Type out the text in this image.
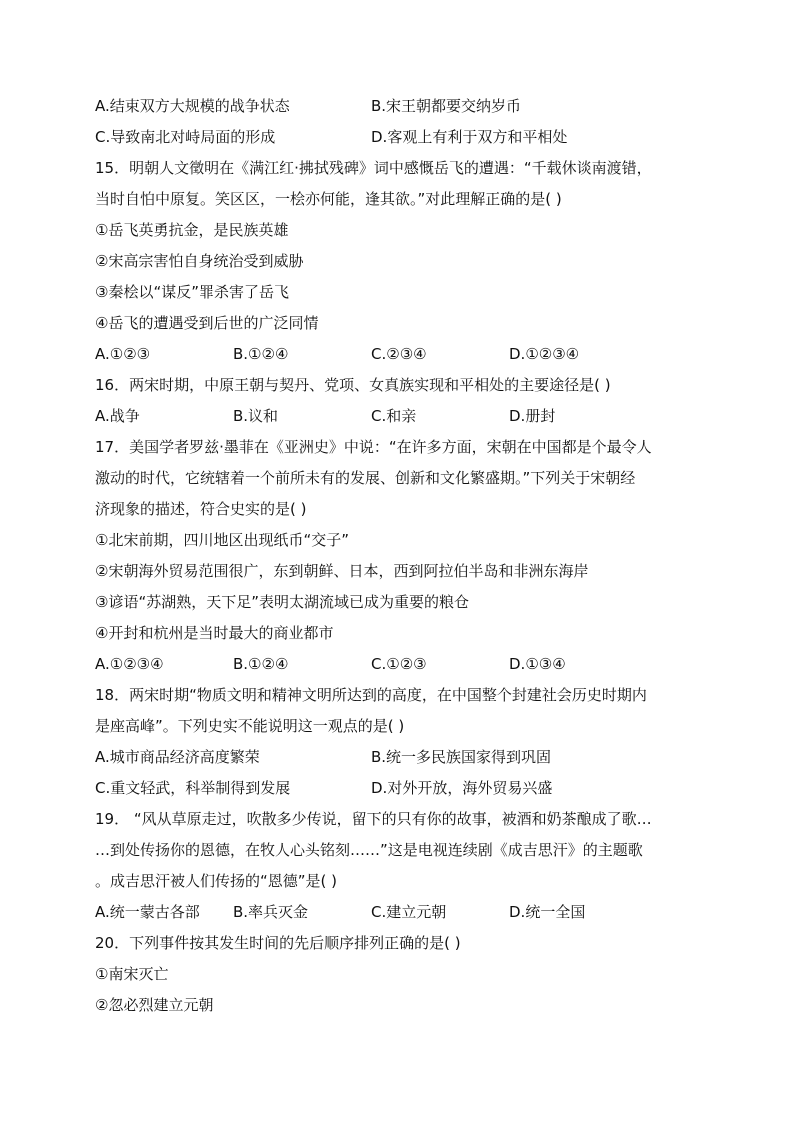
A.结束双方大规模的战争状态	B.宋王朝都要交纳岁币
C.导致南北对峙局面的形成	D.客观上有利于双方和平相处
15．明朝人文徵明在《满江红·拂拭残碑》词中感慨岳飞的遭遇：“千载休谈南渡错，
当时自怕中原复。笑区区，一桧亦何能，逢其欲。”对此理解正确的是( )
①岳飞英勇抗金，是民族英雄
②宋高宗害怕自身统治受到威胁
③秦桧以“谋反”罪杀害了岳飞
④岳飞的遭遇受到后世的广泛同情
A.①②③	B.①②④	C.②③④	D.①②③④
16．两宋时期，中原王朝与契丹、党项、女真族实现和平相处的主要途径是( )
A.战争	B.议和	C.和亲	D.册封
17．美国学者罗兹·墨菲在《亚洲史》中说：“在许多方面，宋朝在中国都是个最令人
激动的时代，它统辖着一个前所未有的发展、创新和文化繁盛期。”下列关于宋朝经
济现象的描述，符合史实的是( )
①北宋前期，四川地区出现纸币“交子”
②宋朝海外贸易范围很广，东到朝鲜、日本，西到阿拉伯半岛和非洲东海岸
③谚语“苏湖熟，天下足”表明太湖流域已成为重要的粮仓
④开封和杭州是当时最大的商业都市
A.①②③④	B.①②④	C.①②③	D.①③④
18．两宋时期“物质文明和精神文明所达到的高度，在中国整个封建社会历史时期内
是座高峰”。下列史实不能说明这一观点的是( )
A.城市商品经济高度繁荣	B.统一多民族国家得到巩固
C.重文轻武，科举制得到发展	D.对外开放，海外贸易兴盛
19． “风从草原走过，吹散多少传说，留下的只有你的故事，被酒和奶茶酿成了歌…
…到处传扬你的恩德，在牧人心头铭刻……”这是电视连续剧《成吉思汗》的主题歌
。成吉思汗被人们传扬的“恩德”是( )
A.统一蒙古各部 B.率兵灭金	C.建立元朝	D.统一全国
20．下列事件按其发生时间的先后顺序排列正确的是( )
①南宋灭亡
②忽必烈建立元朝
